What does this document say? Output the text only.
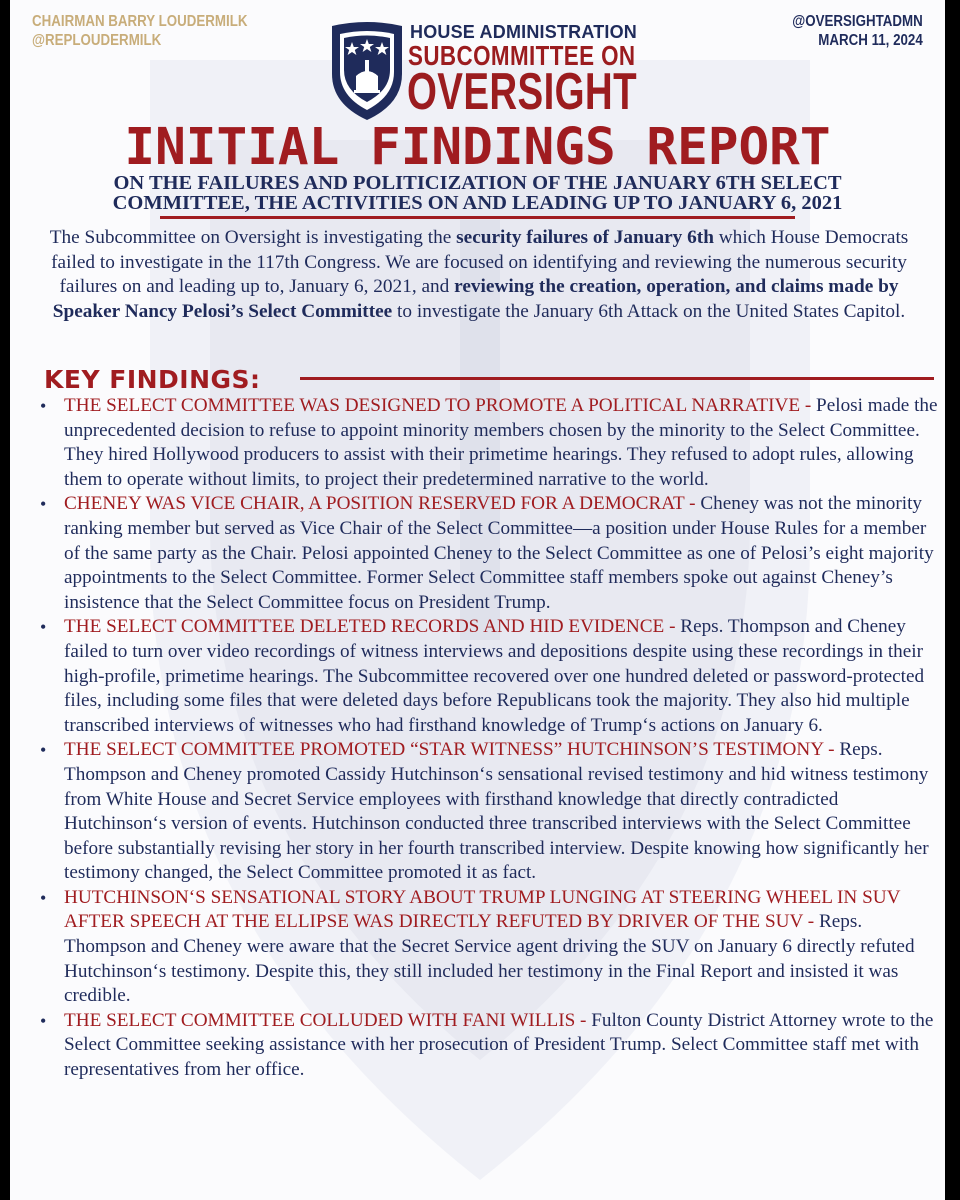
CHAIRMAN BARRY LOUDERMILK
@REPLOUDERMILK
@OVERSIGHTADMN
MARCH 11, 2024
HOUSE ADMINISTRATION
SUBCOMMITTEE ON
OVERSIGHT
INITIAL FINDINGS REPORT
ON THE FAILURES AND POLITICIZATION OF THE JANUARY 6TH SELECT
COMMITTEE, THE ACTIVITIES ON AND LEADING UP TO JANUARY 6, 2021
The Subcommittee on Oversight is investigating the security failures of January 6th which House Democrats failed to investigate in the 117th Congress. We are focused on identifying and reviewing the numerous security failures on and leading up to, January 6, 2021, and reviewing the creation, operation, and claims made by Speaker Nancy Pelosi’s Select Committee to investigate the January 6th Attack on the United States Capitol.
KEY FINDINGS:
• THE SELECT COMMITTEE WAS DESIGNED TO PROMOTE A POLITICAL NARRATIVE - Pelosi made the unprecedented decision to refuse to appoint minority members chosen by the minority to the Select Committee. They hired Hollywood producers to assist with their primetime hearings. They refused to adopt rules, allowing them to operate without limits, to project their predetermined narrative to the world.
• CHENEY WAS VICE CHAIR, A POSITION RESERVED FOR A DEMOCRAT - Cheney was not the minority ranking member but served as Vice Chair of the Select Committee—a position under House Rules for a member of the same party as the Chair. Pelosi appointed Cheney to the Select Committee as one of Pelosi’s eight majority appointments to the Select Committee. Former Select Committee staff members spoke out against Cheney’s insistence that the Select Committee focus on President Trump.
• THE SELECT COMMITTEE DELETED RECORDS AND HID EVIDENCE - Reps. Thompson and Cheney failed to turn over video recordings of witness interviews and depositions despite using these recordings in their high-profile, primetime hearings. The Subcommittee recovered over one hundred deleted or password-protected files, including some files that were deleted days before Republicans took the majority. They also hid multiple transcribed interviews of witnesses who had firsthand knowledge of Trump‘s actions on January 6.
• THE SELECT COMMITTEE PROMOTED “STAR WITNESS” HUTCHINSON’S TESTIMONY - Reps. Thompson and Cheney promoted Cassidy Hutchinson‘s sensational revised testimony and hid witness testimony from White House and Secret Service employees with firsthand knowledge that directly contradicted Hutchinson‘s version of events. Hutchinson conducted three transcribed interviews with the Select Committee before substantially revising her story in her fourth transcribed interview. Despite knowing how significantly her testimony changed, the Select Committee promoted it as fact.
• HUTCHINSON‘S SENSATIONAL STORY ABOUT TRUMP LUNGING AT STEERING WHEEL IN SUV AFTER SPEECH AT THE ELLIPSE WAS DIRECTLY REFUTED BY DRIVER OF THE SUV - Reps. Thompson and Cheney were aware that the Secret Service agent driving the SUV on January 6 directly refuted Hutchinson‘s testimony. Despite this, they still included her testimony in the Final Report and insisted it was credible.
• THE SELECT COMMITTEE COLLUDED WITH FANI WILLIS - Fulton County District Attorney wrote to the Select Committee seeking assistance with her prosecution of President Trump. Select Committee staff met with representatives from her office.
